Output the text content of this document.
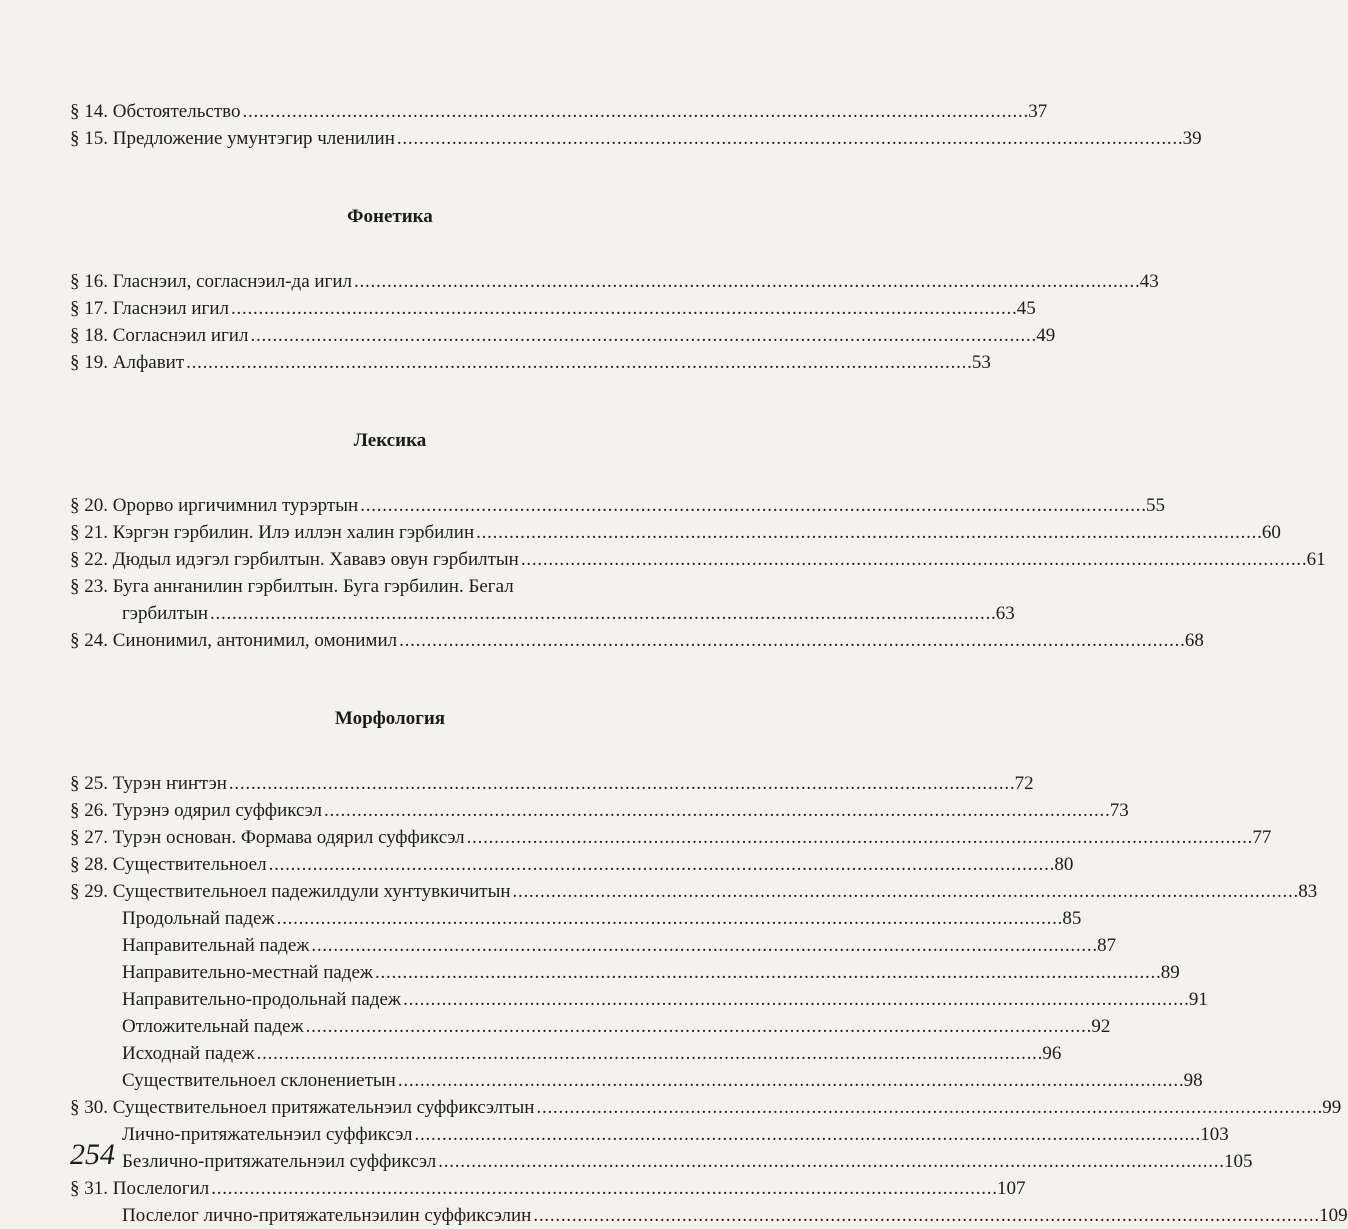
§ 14. Обстоятельство . . .	37
§ 15. Предложение умунтэгир членилин . . .	39
Фонетика
§ 16. Гласнэил, согласнэил-да игил . . .	43
§ 17. Гласнэил игил . . .	45
§ 18. Согласнэил игил . . .	49
§ 19. Алфавит . . .	53
Лексика
§ 20. Ороpво иргичимнил турэртын . . .	55
§ 21. Кэргэн гэрбилин. Илэ иллэн халин гэрбилин . . .	60
§ 22. Дюдыл идэгэл гэрбилтын. Хававэ овун гэрбилтын . . .	61
§ 23. Буга анҥанилин гэрбилтын. Буга гэрбилин. Бегал
гэрбилтын . . .	63
§ 24. Синонимил, антонимил, омонимил . . .	68
Морфология
§ 25. Турэн ҥиҥтэн . . .	72
§ 26. Турэнэ одярил суффиксэл . . .	73
§ 27. Турэн основан. Формава одярил суффиксэл . . .	77
§ 28. Существительноел . . .	80
§ 29. Существительноел падежилдули хуҥтувкичитын . . .	83
Продольнай падеж . . .	85
Направительнай падеж . . .	87
Направительно-местнай падеж . . .	89
Направительно-продольнай падеж . . .	91
Отложительнай падеж . . .	92
Исходнай падеж . . .	96
Существительноел склонениетын . . .	98
§ 30. Существительноел притяжательнэил суффиксэлтын . . .	99
Лично-притяжательнэил суффиксэл . . .	103
Безлично-притяжательнэил суффиксэл . . .	105
§ 31. Послелогил . . .	107
Послелог лично-притяжательнэилин суффиксэлин . . .	109
254
